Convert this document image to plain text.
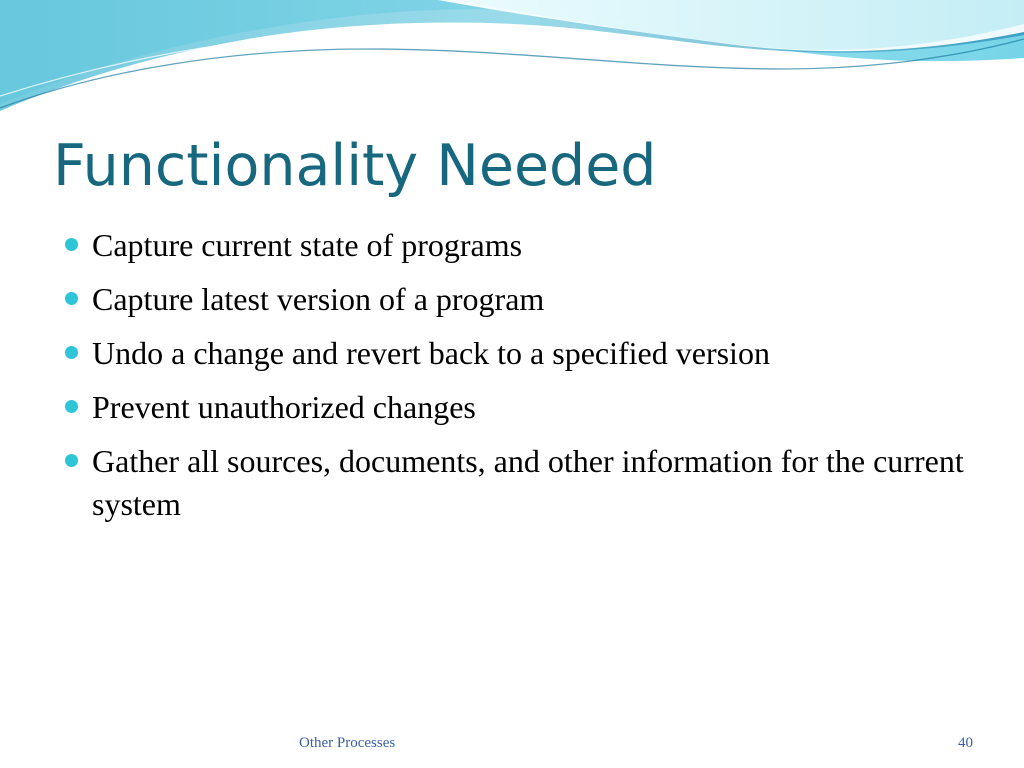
Functionality Needed
Capture current state of programs
Capture latest version of a program
Undo a change and revert back to a specified version
Prevent unauthorized changes
Gather all sources, documents, and other information for the current system
Other Processes	40
